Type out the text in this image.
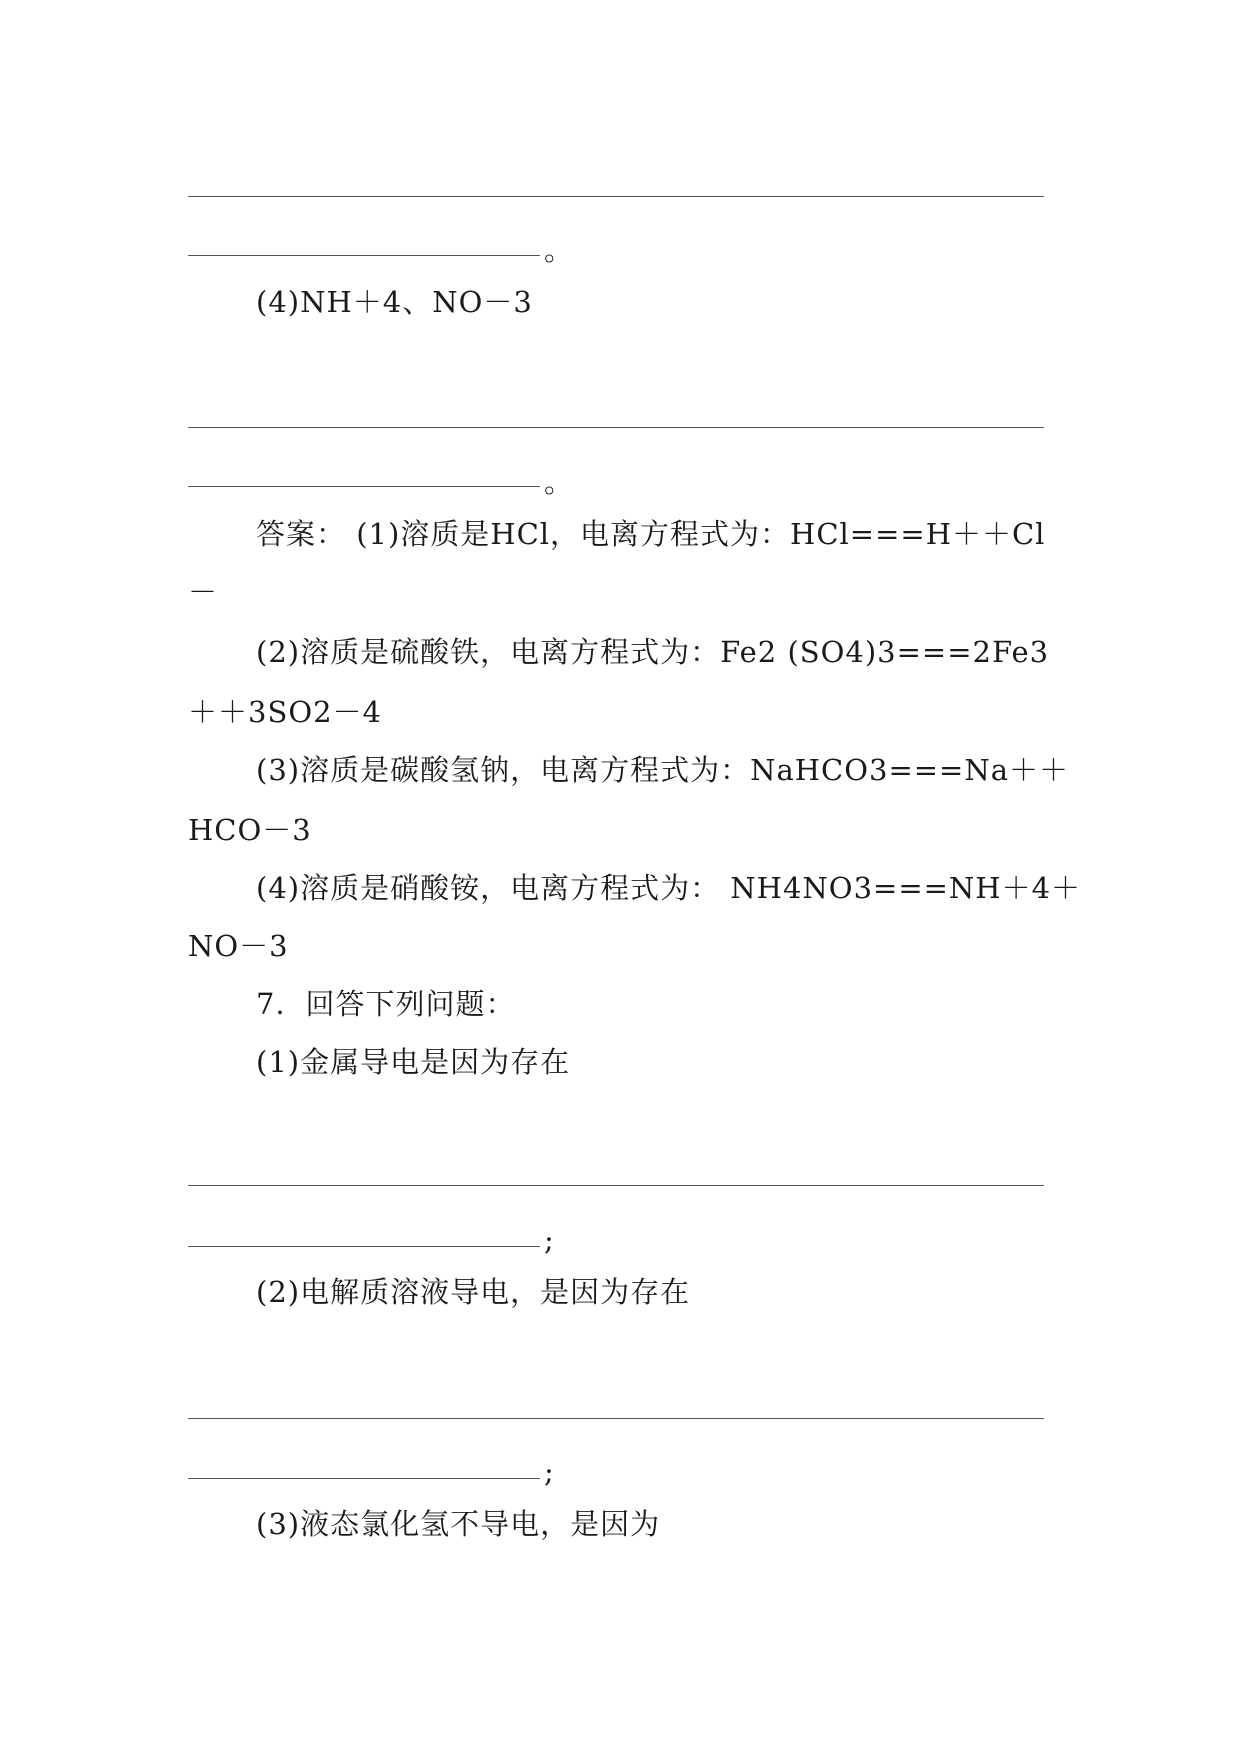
。
(4)NH＋4、NO－3
。
答案： (1)溶质是HCl，电离方程式为：HCl===H＋＋Cl
－
(2)溶质是硫酸铁，电离方程式为：Fe2 (SO4)3===2Fe3
＋＋3SO2－4
(3)溶质是碳酸氢钠，电离方程式为：NaHCO3===Na＋＋
HCO－3
(4)溶质是硝酸铵，电离方程式为： NH4NO3===NH＋4＋
NO－3
7．回答下列问题：
(1)金属导电是因为存在
;
(2)电解质溶液导电，是因为存在
;
(3)液态氯化氢不导电，是因为
